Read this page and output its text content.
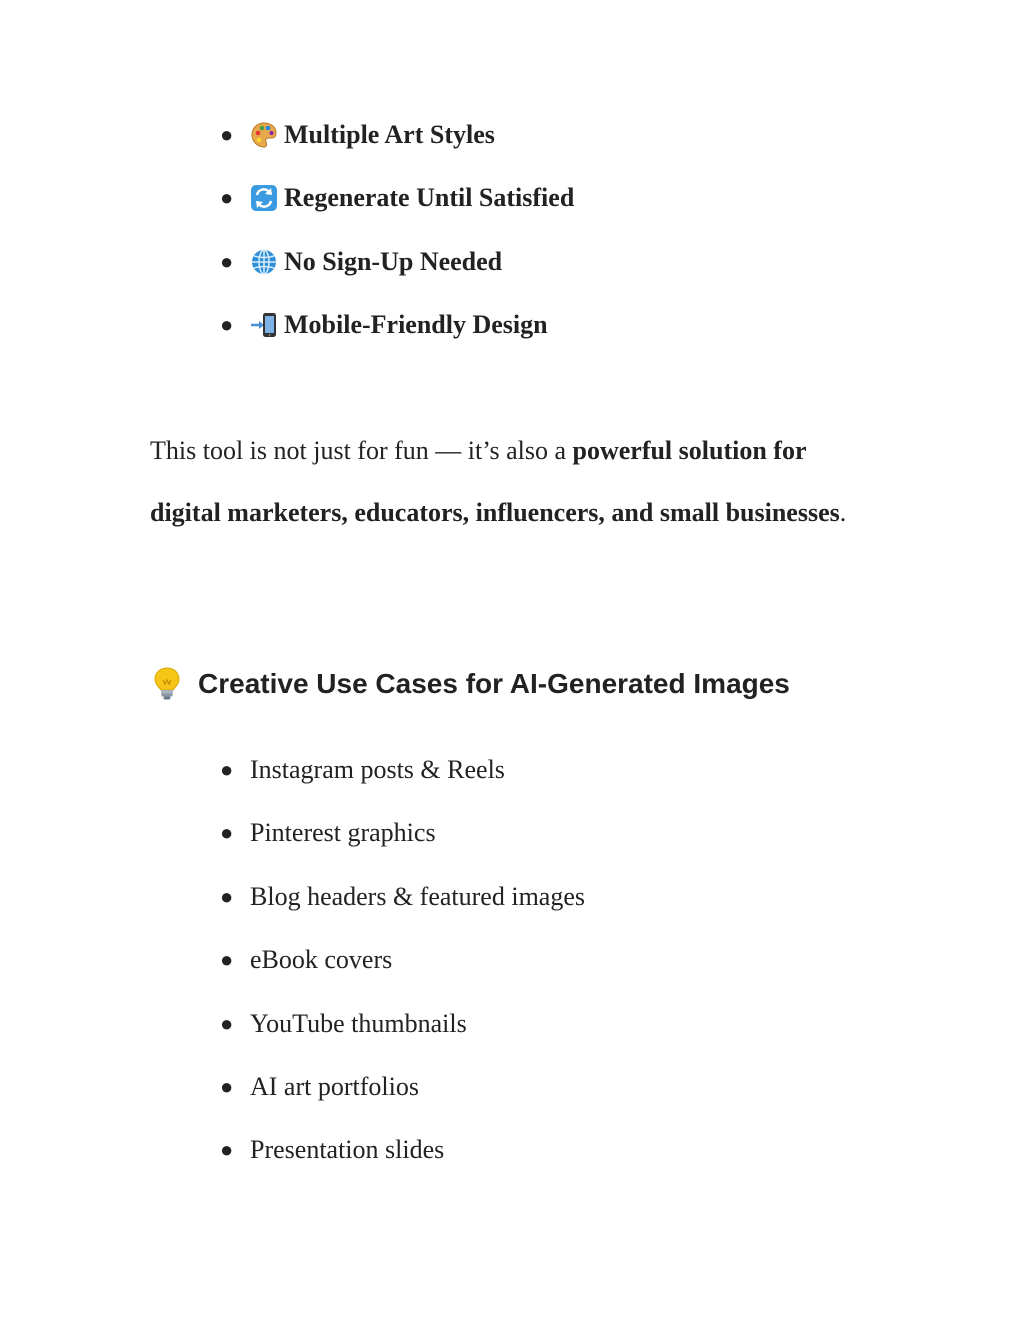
●	Multiple Art Styles
●	Regenerate Until Satisfied
●	No Sign-Up Needed
●	Mobile-Friendly Design

This tool is not just for fun — it’s also a powerful solution for digital marketers, educators, influencers, and small businesses.

Creative Use Cases for AI-Generated Images
● Instagram posts & Reels
● Pinterest graphics
● Blog headers & featured images
● eBook covers
● YouTube thumbnails
● AI art portfolios
● Presentation slides
